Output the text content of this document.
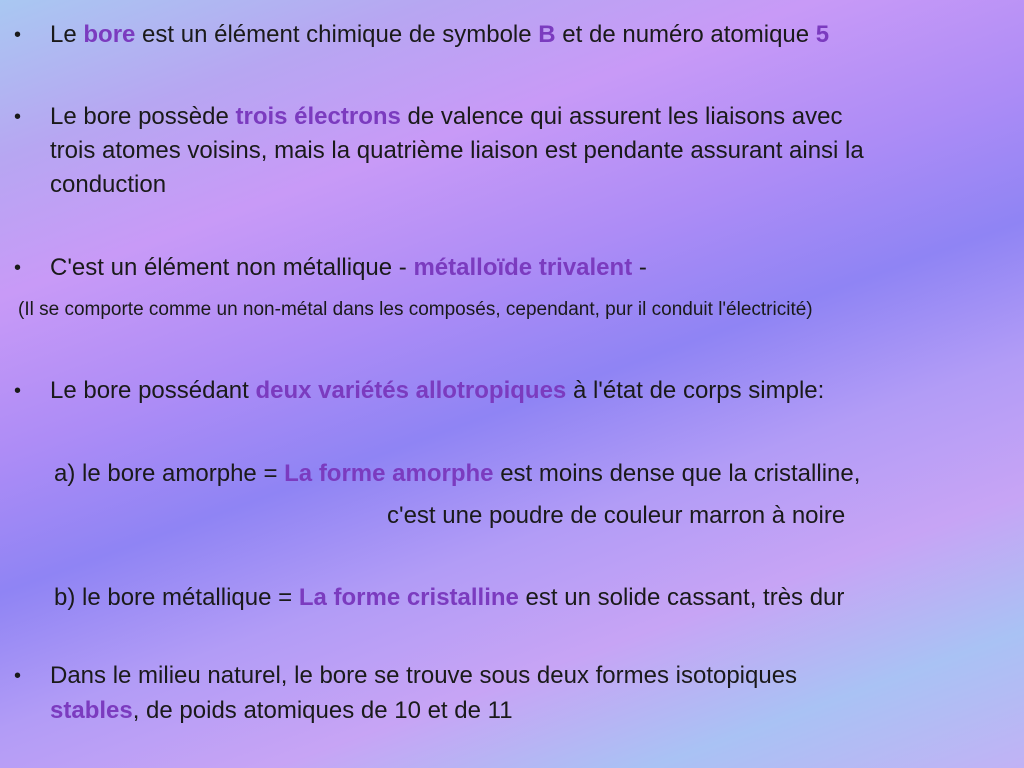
• Le bore est un élément chimique de symbole B et de numéro atomique 5
• Le bore possède trois électrons de valence qui assurent les liaisons avec
trois atomes voisins, mais la quatrième liaison est pendante assurant ainsi la
conduction
• C'est un élément non métallique - métalloïde trivalent -
(Il se comporte comme un non-métal dans les composés, cependant, pur il conduit l'électricité)
• Le bore possédant deux variétés allotropiques à l'état de corps simple:
a) le bore amorphe = La forme amorphe est moins dense que la cristalline,
c'est une poudre de couleur marron à noire
b) le bore métallique = La forme cristalline est un solide cassant, très dur
• Dans le milieu naturel, le bore se trouve sous deux formes isotopiques
stables, de poids atomiques de 10 et de 11
